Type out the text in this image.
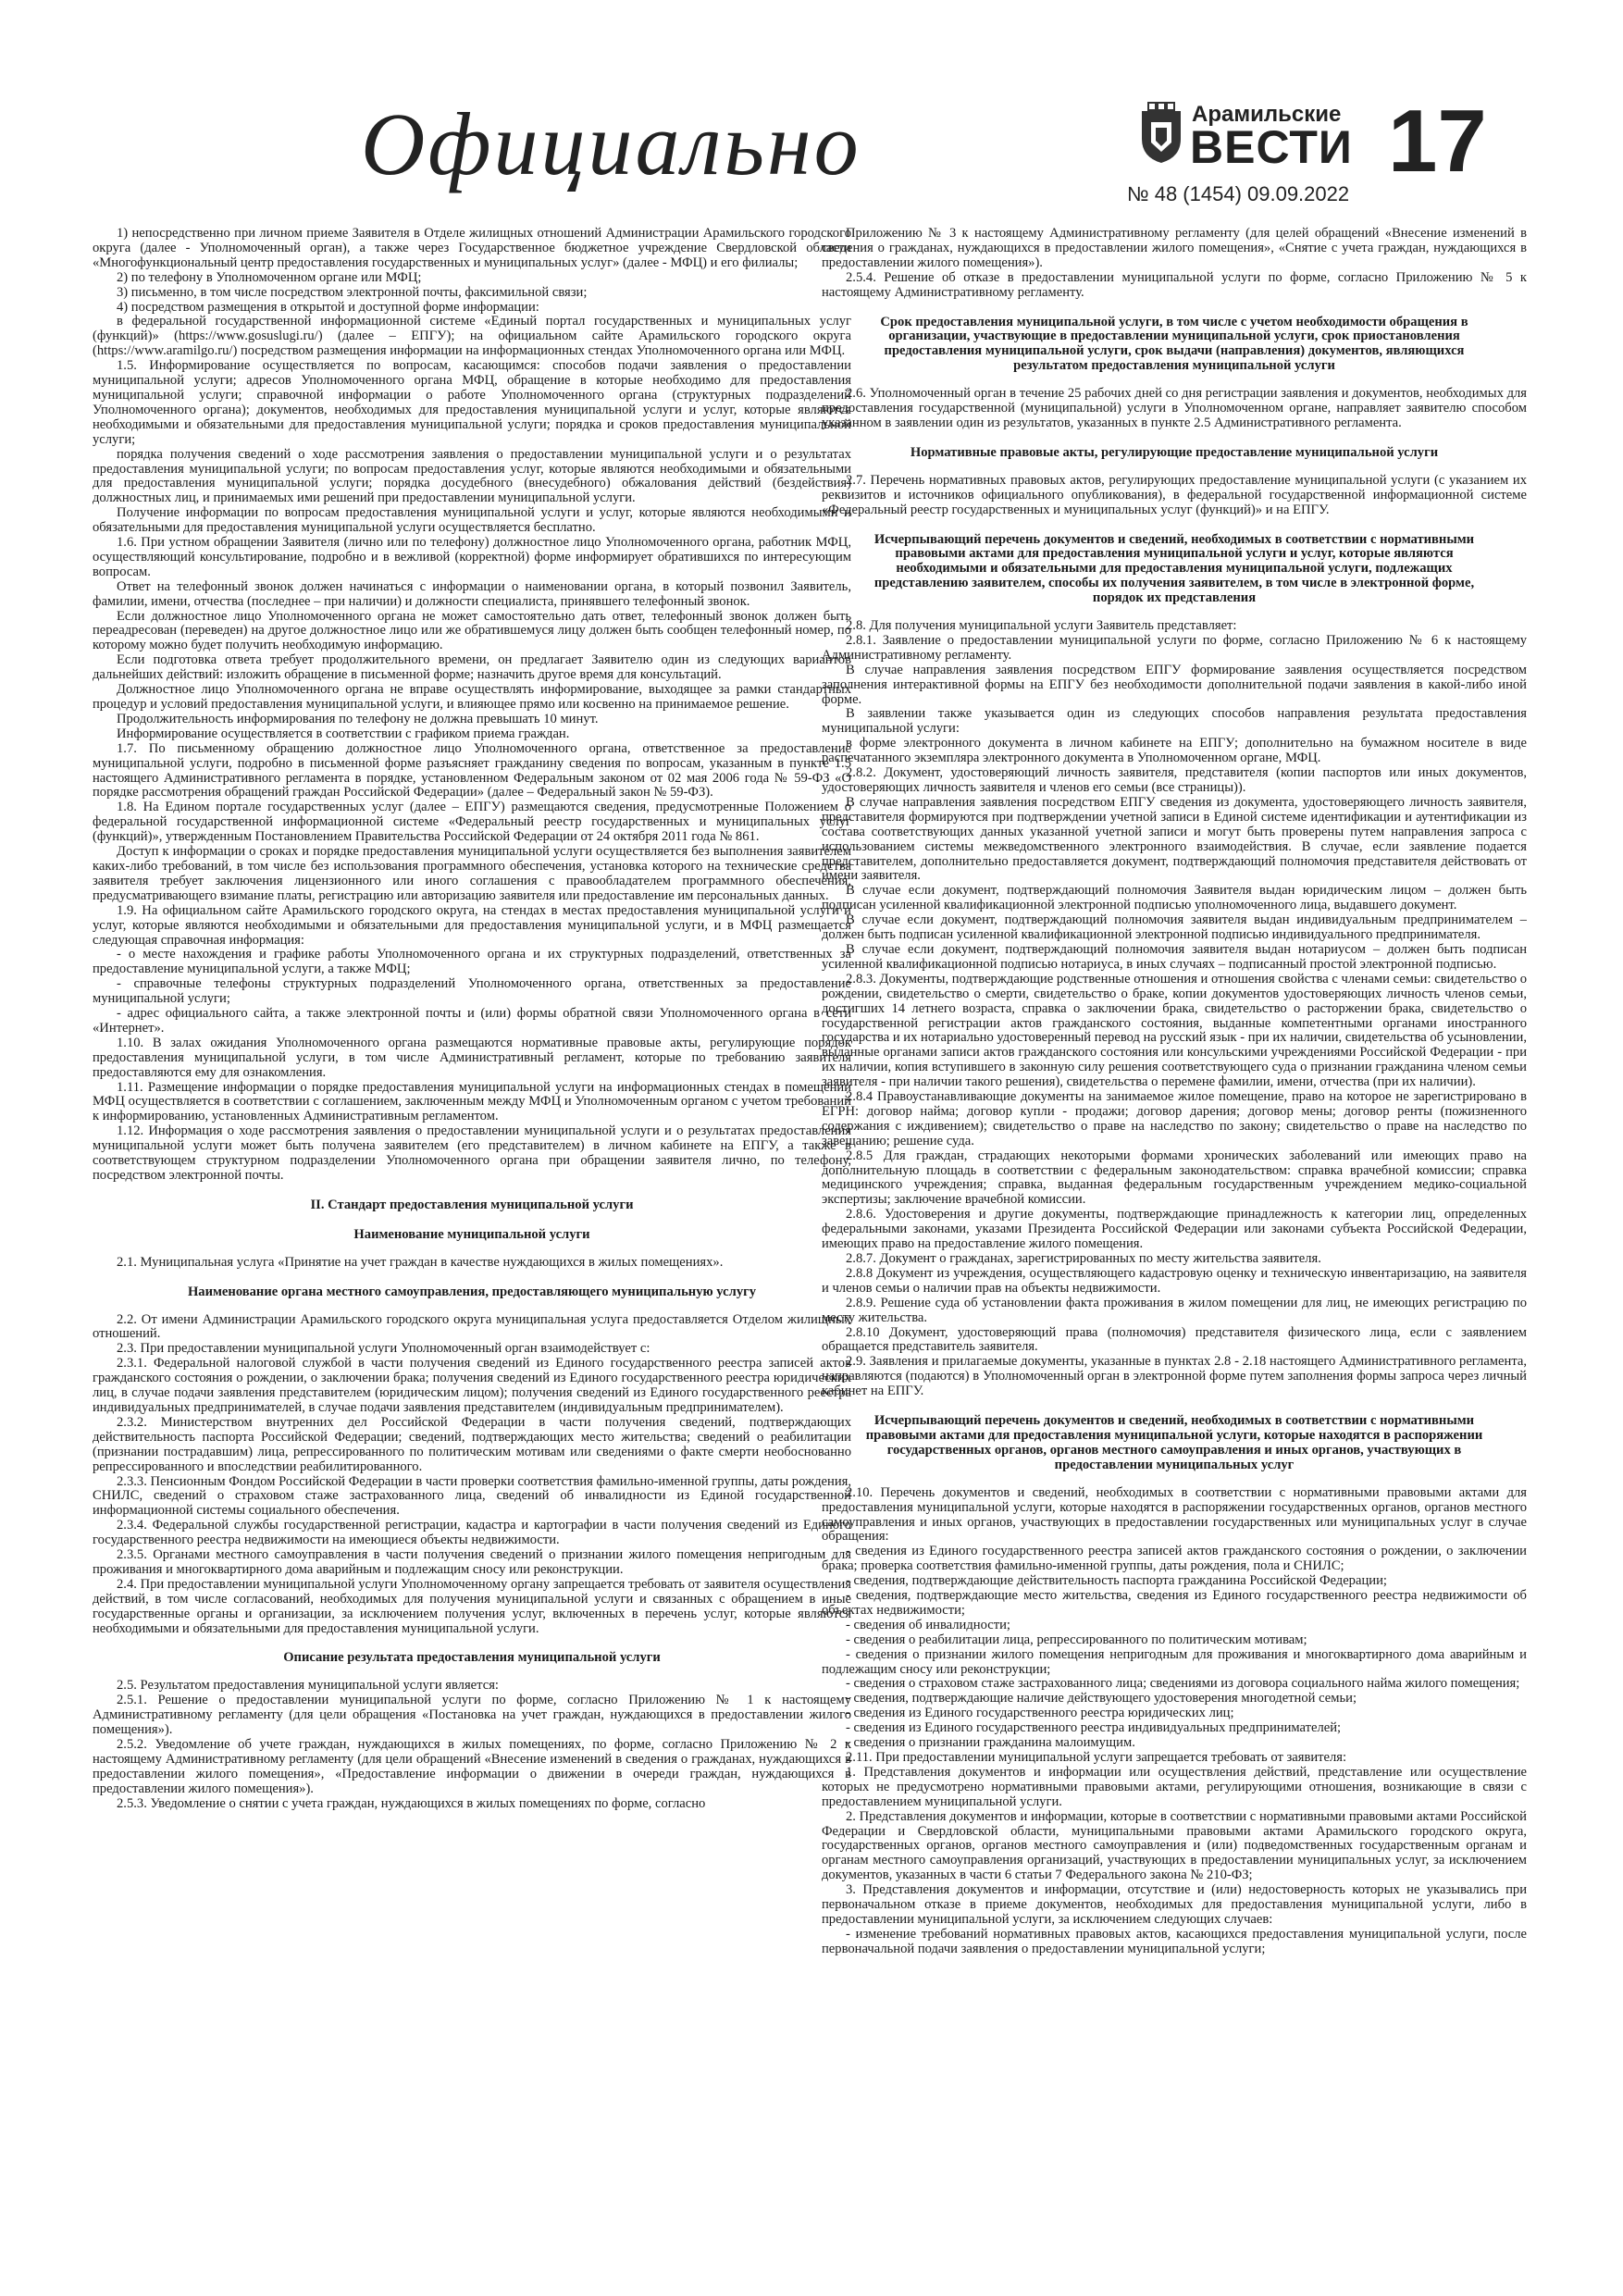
Официально	Арамильские
ВЕСТИ
№ 48 (1454) 09.09.2022
17

1) непосредственно при личном приеме Заявителя в Отделе жилищных отношений Администрации Арамильского городского округа (далее - Уполномоченный орган), а также через Государственное бюджетное учреждение Свердловской области «Многофункциональный центр предоставления государственных и муниципальных услуг» (далее - МФЦ) и его филиалы;

2) по телефону в Уполномоченном органе или МФЦ;

3) письменно, в том числе посредством электронной почты, факсимильной связи;

4) посредством размещения в открытой и доступной форме информации:

в федеральной государственной информационной системе «Единый портал государственных и муниципальных услуг (функций)» (https://www.gosuslugi.ru/) (далее – ЕПГУ); на официальном сайте Арамильского городского округа (https://www.aramilgo.ru/) посредством размещения информации на информационных стендах Уполномоченного органа или МФЦ.

1.5. Информирование осуществляется по вопросам, касающимся: способов подачи заявления о предоставлении муниципальной услуги; адресов Уполномоченного органа МФЦ, обращение в которые необходимо для предоставления муниципальной услуги; справочной информации о работе Уполномоченного органа (структурных подразделений Уполномоченного органа); документов, необходимых для предоставления муниципальной услуги и услуг, которые являются необходимыми и обязательными для предоставления муниципальной услуги; порядка и сроков предоставления муниципальной услуги;

порядка получения сведений о ходе рассмотрения заявления о предоставлении муниципальной услуги и о результатах предоставления муниципальной услуги; по вопросам предоставления услуг, которые являются необходимыми и обязательными для предоставления муниципальной услуги; порядка досудебного (внесудебного) обжалования действий (бездействия) должностных лиц, и принимаемых ими решений при предоставлении муниципальной услуги.

Получение информации по вопросам предоставления муниципальной услуги и услуг, которые являются необходимыми и обязательными для предоставления муниципальной услуги осуществляется бесплатно.

1.6. При устном обращении Заявителя (лично или по телефону) должностное лицо Уполномоченного органа, работник МФЦ, осуществляющий консультирование, подробно и в вежливой (корректной) форме информирует обратившихся по интересующим вопросам.

Ответ на телефонный звонок должен начинаться с информации о наименовании органа, в который позвонил Заявитель, фамилии, имени, отчества (последнее – при наличии) и должности специалиста, принявшего телефонный звонок.

Если должностное лицо Уполномоченного органа не может самостоятельно дать ответ, телефонный звонок должен быть переадресован (переведен) на другое должностное лицо или же обратившемуся лицу должен быть сообщен телефонный номер, по которому можно будет получить необходимую информацию.

Если подготовка ответа требует продолжительного времени, он предлагает Заявителю один из следующих вариантов дальнейших действий: изложить обращение в письменной форме; назначить другое время для консультаций.

Должностное лицо Уполномоченного органа не вправе осуществлять информирование, выходящее за рамки стандартных процедур и условий предоставления муниципальной услуги, и влияющее прямо или косвенно на принимаемое решение.

Продолжительность информирования по телефону не должна превышать 10 минут.

Информирование осуществляется в соответствии с графиком приема граждан.

1.7. По письменному обращению должностное лицо Уполномоченного органа, ответственное за предоставление муниципальной услуги, подробно в письменной форме разъясняет гражданину сведения по вопросам, указанным в пункте 1.5 настоящего Административного регламента в порядке, установленном Федеральным законом от 02 мая 2006 года № 59-ФЗ «О порядке рассмотрения обращений граждан Российской Федерации» (далее – Федеральный закон № 59-ФЗ).

1.8. На Едином портале государственных услуг (далее – ЕПГУ) размещаются сведения, предусмотренные Положением о федеральной государственной информационной системе «Федеральный реестр государственных и муниципальных услуг (функций)», утвержденным Постановлением Правительства Российской Федерации от 24 октября 2011 года № 861.

Доступ к информации о сроках и порядке предоставления муниципальной услуги осуществляется без выполнения заявителем каких-либо требований, в том числе без использования программного обеспечения, установка которого на технические средства заявителя требует заключения лицензионного или иного соглашения с правообладателем программного обеспечения, предусматривающего взимание платы, регистрацию или авторизацию заявителя или предоставление им персональных данных.

1.9. На официальном сайте Арамильского городского округа, на стендах в местах предоставления муниципальной услуги и услуг, которые являются необходимыми и обязательными для предоставления муниципальной услуги, и в МФЦ размещается следующая справочная информация:

- о месте нахождения и графике работы Уполномоченного органа и их структурных подразделений, ответственных за предоставление муниципальной услуги, а также МФЦ;

- справочные телефоны структурных подразделений Уполномоченного органа, ответственных за предоставление муниципальной услуги;

- адрес официального сайта, а также электронной почты и (или) формы обратной связи Уполномоченного органа в сети «Интернет».

1.10. В залах ожидания Уполномоченного органа размещаются нормативные правовые акты, регулирующие порядок предоставления муниципальной услуги, в том числе Административный регламент, которые по требованию заявителя предоставляются ему для ознакомления.

1.11. Размещение информации о порядке предоставления муниципальной услуги на информационных стендах в помещении МФЦ осуществляется в соответствии с соглашением, заключенным между МФЦ и Уполномоченным органом с учетом требований к информированию, установленных Административным регламентом.

1.12. Информация о ходе рассмотрения заявления о предоставлении муниципальной услуги и о результатах предоставления муниципальной услуги может быть получена заявителем (его представителем) в личном кабинете на ЕПГУ, а также в соответствующем структурном подразделении Уполномоченного органа при обращении заявителя лично, по телефону, посредством электронной почты.

II. Стандарт предоставления муниципальной услуги
Наименование муниципальной услуги

2.1. Муниципальная услуга «Принятие на учет граждан в качестве нуждающихся в жилых помещениях».

Наименование органа местного самоуправления, предоставляющего муниципальную услугу

2.2. От имени Администрации Арамильского городского округа муниципальная услуга предоставляется Отделом жилищных отношений.

2.3. При предоставлении муниципальной услуги Уполномоченный орган взаимодействует с:

2.3.1. Федеральной налоговой службой в части получения сведений из Единого государственного реестра записей актов гражданского состояния о рождении, о заключении брака; получения сведений из Единого государственного реестра юридических лиц, в случае подачи заявления представителем (юридическим лицом); получения сведений из Единого государственного реестра индивидуальных предпринимателей, в случае подачи заявления представителем (индивидуальным предпринимателем).

2.3.2. Министерством внутренних дел Российской Федерации в части получения сведений, подтверждающих действительность паспорта Российской Федерации; сведений, подтверждающих место жительства; сведений о реабилитации (признании пострадавшим) лица, репрессированного по политическим мотивам или сведениями о факте смерти необоснованно репрессированного и впоследствии реабилитированного.

2.3.3. Пенсионным Фондом Российской Федерации в части проверки соответствия фамильно-именной группы, даты рождения, СНИЛС, сведений о страховом стаже застрахованного лица, сведений об инвалидности из Единой государственной информационной системы социального обеспечения.

2.3.4. Федеральной службы государственной регистрации, кадастра и картографии в части получения сведений из Единого государственного реестра недвижимости на имеющиеся объекты недвижимости.

2.3.5. Органами местного самоуправления в части получения сведений о признании жилого помещения непригодным для проживания и многоквартирного дома аварийным и подлежащим сносу или реконструкции.

2.4. При предоставлении муниципальной услуги Уполномоченному органу запрещается требовать от заявителя осуществления действий, в том числе согласований, необходимых для получения муниципальной услуги и связанных с обращением в иные государственные органы и организации, за исключением получения услуг, включенных в перечень услуг, которые являются необходимыми и обязательными для предоставления муниципальной услуги.

Описание результата предоставления муниципальной услуги

2.5. Результатом предоставления муниципальной услуги является:

2.5.1. Решение о предоставлении муниципальной услуги по форме, согласно Приложению № 1 к настоящему Административному регламенту (для цели обращения «Постановка на учет граждан, нуждающихся в предоставлении жилого помещения»).

2.5.2. Уведомление об учете граждан, нуждающихся в жилых помещениях, по форме, согласно Приложению № 2 к настоящему Административному регламенту (для цели обращений «Внесение изменений в сведения о гражданах, нуждающихся в предоставлении жилого помещения», «Предоставление информации о движении в очереди граждан, нуждающихся в предоставлении жилого помещения»).

2.5.3. Уведомление о снятии с учета граждан, нуждающихся в жилых помещениях по форме, согласно

Приложению № 3 к настоящему Административному регламенту (для целей обращений «Внесение изменений в сведения о гражданах, нуждающихся в предоставлении жилого помещения», «Снятие с учета граждан, нуждающихся в предоставлении жилого помещения»).

2.5.4. Решение об отказе в предоставлении муниципальной услуги по форме, согласно Приложению № 5 к настоящему Административному регламенту.

Срок предоставления муниципальной услуги, в том числе с учетом необходимости обращения в организации, участвующие в предоставлении муниципальной услуги, срок приостановления предоставления муниципальной услуги, срок выдачи (направления) документов, являющихся результатом предоставления муниципальной услуги

2.6. Уполномоченный орган в течение 25 рабочих дней со дня регистрации заявления и документов, необходимых для предоставления государственной (муниципальной) услуги в Уполномоченном органе, направляет заявителю способом указанном в заявлении один из результатов, указанных в пункте 2.5 Административного регламента.

Нормативные правовые акты, регулирующие предоставление муниципальной услуги

2.7. Перечень нормативных правовых актов, регулирующих предоставление муниципальной услуги (с указанием их реквизитов и источников официального опубликования), в федеральной государственной информационной системе «Федеральный реестр государственных и муниципальных услуг (функций)» и на ЕПГУ.

Исчерпывающий перечень документов и сведений, необходимых в соответствии с нормативными правовыми актами для предоставления муниципальной услуги и услуг, которые являются необходимыми и обязательными для предоставления муниципальной услуги, подлежащих представлению заявителем, способы их получения заявителем, в том числе в электронной форме, порядок их представления

2.8. Для получения муниципальной услуги Заявитель представляет:

2.8.1. Заявление о предоставлении муниципальной услуги по форме, согласно Приложению № 6 к настоящему Административному регламенту.

В случае направления заявления посредством ЕПГУ формирование заявления осуществляется посредством заполнения интерактивной формы на ЕПГУ без необходимости дополнительной подачи заявления в какой-либо иной форме.

В заявлении также указывается один из следующих способов направления результата предоставления муниципальной услуги:

в форме электронного документа в личном кабинете на ЕПГУ; дополнительно на бумажном носителе в виде распечатанного экземпляра электронного документа в Уполномоченном органе, МФЦ.

2.8.2. Документ, удостоверяющий личность заявителя, представителя (копии паспортов или иных документов, удостоверяющих личность заявителя и членов его семьи (все страницы)).

В случае направления заявления посредством ЕПГУ сведения из документа, удостоверяющего личность заявителя, представителя формируются при подтверждении учетной записи в Единой системе идентификации и аутентификации из состава соответствующих данных указанной учетной записи и могут быть проверены путем направления запроса с использованием системы межведомственного электронного взаимодействия. В случае, если заявление подается представителем, дополнительно предоставляется документ, подтверждающий полномочия представителя действовать от имени заявителя.

В случае если документ, подтверждающий полномочия Заявителя выдан юридическим лицом – должен быть подписан усиленной квалификационной электронной подписью уполномоченного лица, выдавшего документ.

В случае если документ, подтверждающий полномочия заявителя выдан индивидуальным предпринимателем – должен быть подписан усиленной квалификационной электронной подписью индивидуального предпринимателя.

В случае если документ, подтверждающий полномочия заявителя выдан нотариусом – должен быть подписан усиленной квалификационной подписью нотариуса, в иных случаях – подписанный простой электронной подписью.

2.8.3. Документы, подтверждающие родственные отношения и отношения свойства с членами семьи: свидетельство о рождении, свидетельство о смерти, свидетельство о браке, копии документов удостоверяющих личность членов семьи, достигших 14 летнего возраста, справка о заключении брака, свидетельство о расторжении брака, свидетельство о государственной регистрации актов гражданского состояния, выданные компетентными органами иностранного государства и их нотариально удостоверенный перевод на русский язык - при их наличии, свидетельства об усыновлении, выданные органами записи актов гражданского состояния или консульскими учреждениями Российской Федерации - при их наличии, копия вступившего в законную силу решения соответствующего суда о признании гражданина членом семьи заявителя - при наличии такого решения), свидетельства о перемене фамилии, имени, отчества (при их наличии).

2.8.4 Правоустанавливающие документы на занимаемое жилое помещение, право на которое не зарегистрировано в ЕГРН: договор найма; договор купли - продажи; договор дарения; договор мены; договор ренты (пожизненного содержания с иждивением); свидетельство о праве на наследство по закону; свидетельство о праве на наследство по завещанию; решение суда.

2.8.5 Для граждан, страдающих некоторыми формами хронических заболеваний или имеющих право на дополнительную площадь в соответствии с федеральным законодательством: справка врачебной комиссии; справка медицинского учреждения; справка, выданная федеральным государственным учреждением медико-социальной экспертизы; заключение врачебной комиссии.

2.8.6. Удостоверения и другие документы, подтверждающие принадлежность к категории лиц, определенных федеральными законами, указами Президента Российской Федерации или законами субъекта Российской Федерации, имеющих право на предоставление жилого помещения.

2.8.7. Документ о гражданах, зарегистрированных по месту жительства заявителя.

2.8.8 Документ из учреждения, осуществляющего кадастровую оценку и техническую инвентаризацию, на заявителя и членов семьи о наличии прав на объекты недвижимости.

2.8.9. Решение суда об установлении факта проживания в жилом помещении для лиц, не имеющих регистрацию по месту жительства.

2.8.10 Документ, удостоверяющий права (полномочия) представителя физического лица, если с заявлением обращается представитель заявителя.

2.9. Заявления и прилагаемые документы, указанные в пунктах 2.8 - 2.18 настоящего Административного регламента, направляются (подаются) в Уполномоченный орган в электронной форме путем заполнения формы запроса через личный кабинет на ЕПГУ.

Исчерпывающий перечень документов и сведений, необходимых в соответствии с нормативными правовыми актами для предоставления муниципальной услуги, которые находятся в распоряжении государственных органов, органов местного самоуправления и иных органов, участвующих в предоставлении муниципальных услуг

2.10. Перечень документов и сведений, необходимых в соответствии с нормативными правовыми актами для предоставления муниципальной услуги, которые находятся в распоряжении государственных органов, органов местного самоуправления и иных органов, участвующих в предоставлении государственных или муниципальных услуг в случае обращения:

- сведения из Единого государственного реестра записей актов гражданского состояния о рождении, о заключении брака; проверка соответствия фамильно-именной группы, даты рождения, пола и СНИЛС;

- сведения, подтверждающие действительность паспорта гражданина Российской Федерации;

- сведения, подтверждающие место жительства, сведения из Единого государственного реестра недвижимости об объектах недвижимости;

- сведения об инвалидности;

- сведения о реабилитации лица, репрессированного по политическим мотивам;

- сведения о признании жилого помещения непригодным для проживания и многоквартирного дома аварийным и подлежащим сносу или реконструкции;

- сведения о страховом стаже застрахованного лица; сведениями из договора социального найма жилого помещения;

- сведения, подтверждающие наличие действующего удостоверения многодетной семьи;

- сведения из Единого государственного реестра юридических лиц;

- сведения из Единого государственного реестра индивидуальных предпринимателей;

- сведения о признании гражданина малоимущим.

2.11. При предоставлении муниципальной услуги запрещается требовать от заявителя:

1. Представления документов и информации или осуществления действий, представление или осуществление которых не предусмотрено нормативными правовыми актами, регулирующими отношения, возникающие в связи с предоставлением муниципальной услуги.

2. Представления документов и информации, которые в соответствии с нормативными правовыми актами Российской Федерации и Свердловской области, муниципальными правовыми актами Арамильского городского округа, государственных органов, органов местного самоуправления и (или) подведомственных государственным органам и органам местного самоуправления организаций, участвующих в предоставлении муниципальных услуг, за исключением документов, указанных в части 6 статьи 7 Федерального закона № 210-ФЗ;

3. Представления документов и информации, отсутствие и (или) недостоверность которых не указывались при первоначальном отказе в приеме документов, необходимых для предоставления муниципальной услуги, либо в предоставлении муниципальной услуги, за исключением следующих случаев:

- изменение требований нормативных правовых актов, касающихся предоставления муниципальной услуги, после первоначальной подачи заявления о предоставлении муниципальной услуги;
